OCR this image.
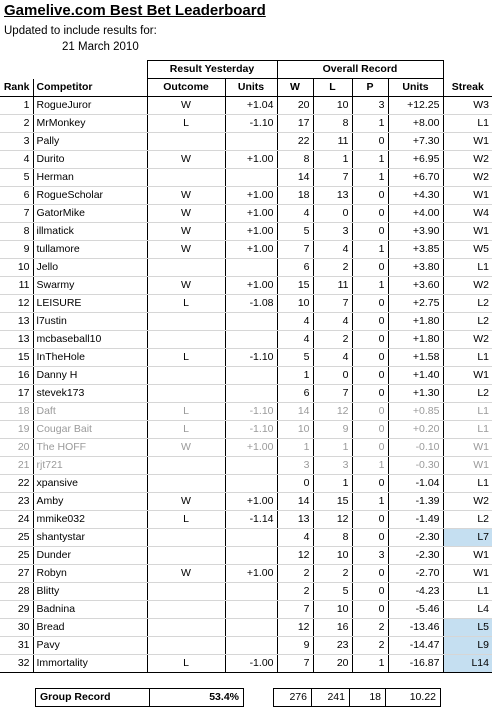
Gamelive.com Best Bet Leaderboard
Updated to include results for:
21 March 2010
		Result Yesterday		Overall Record				
Rank	Competitor	Outcome	Units	W	L	P	Units	Streak
1	RogueJuror	W	+1.04	20	10	3	+12.25	W3
2	MrMonkey	L	-1.10	17	8	1	+8.00	L1
3	Pally			22	11	0	+7.30	W1
4	Durito	W	+1.00	8	1	1	+6.95	W2
5	Herman			14	7	1	+6.70	W2
6	RogueScholar	W	+1.00	18	13	0	+4.30	W1
7	GatorMike	W	+1.00	4	0	0	+4.00	W4
8	illmatick	W	+1.00	5	3	0	+3.90	W1
9	tullamore	W	+1.00	7	4	1	+3.85	W5
10	Jello			6	2	0	+3.80	L1
11	Swarmy	W	+1.00	15	11	1	+3.60	W2
12	LEISURE	L	-1.08	10	7	0	+2.75	L2
13	l7ustin			4	4	0	+1.80	L2
13	mcbaseball10			4	2	0	+1.80	W2
15	InTheHole	L	-1.10	5	4	0	+1.58	L1
16	Danny H			1	0	0	+1.40	W1
17	stevek173			6	7	0	+1.30	L2
18	Daft	L	-1.10	14	12	0	+0.85	L1
19	Cougar Bait	L	-1.10	10	9	0	+0.20	L1
20	The HOFF	W	+1.00	1	1	0	-0.10	W1
21	rjt721			3	3	1	-0.30	W1
22	xpansive			0	1	0	-1.04	L1
23	Amby	W	+1.00	14	15	1	-1.39	W2
24	mmike032	L	-1.14	13	12	0	-1.49	L2
25	shantystar			4	8	0	-2.30	L7
25	Dunder			12	10	3	-2.30	W1
27	Robyn	W	+1.00	2	2	0	-2.70	W1
28	Blitty			2	5	0	-4.23	L1
29	Badnina			7	10	0	-5.46	L4
30	Bread			12	16	2	-13.46	L5
31	Pavy			9	23	2	-14.47	L9
32	Immortality	L	-1.00	7	20	1	-16.87	L14
Group Record	53.4%	276	241	18	10.22
